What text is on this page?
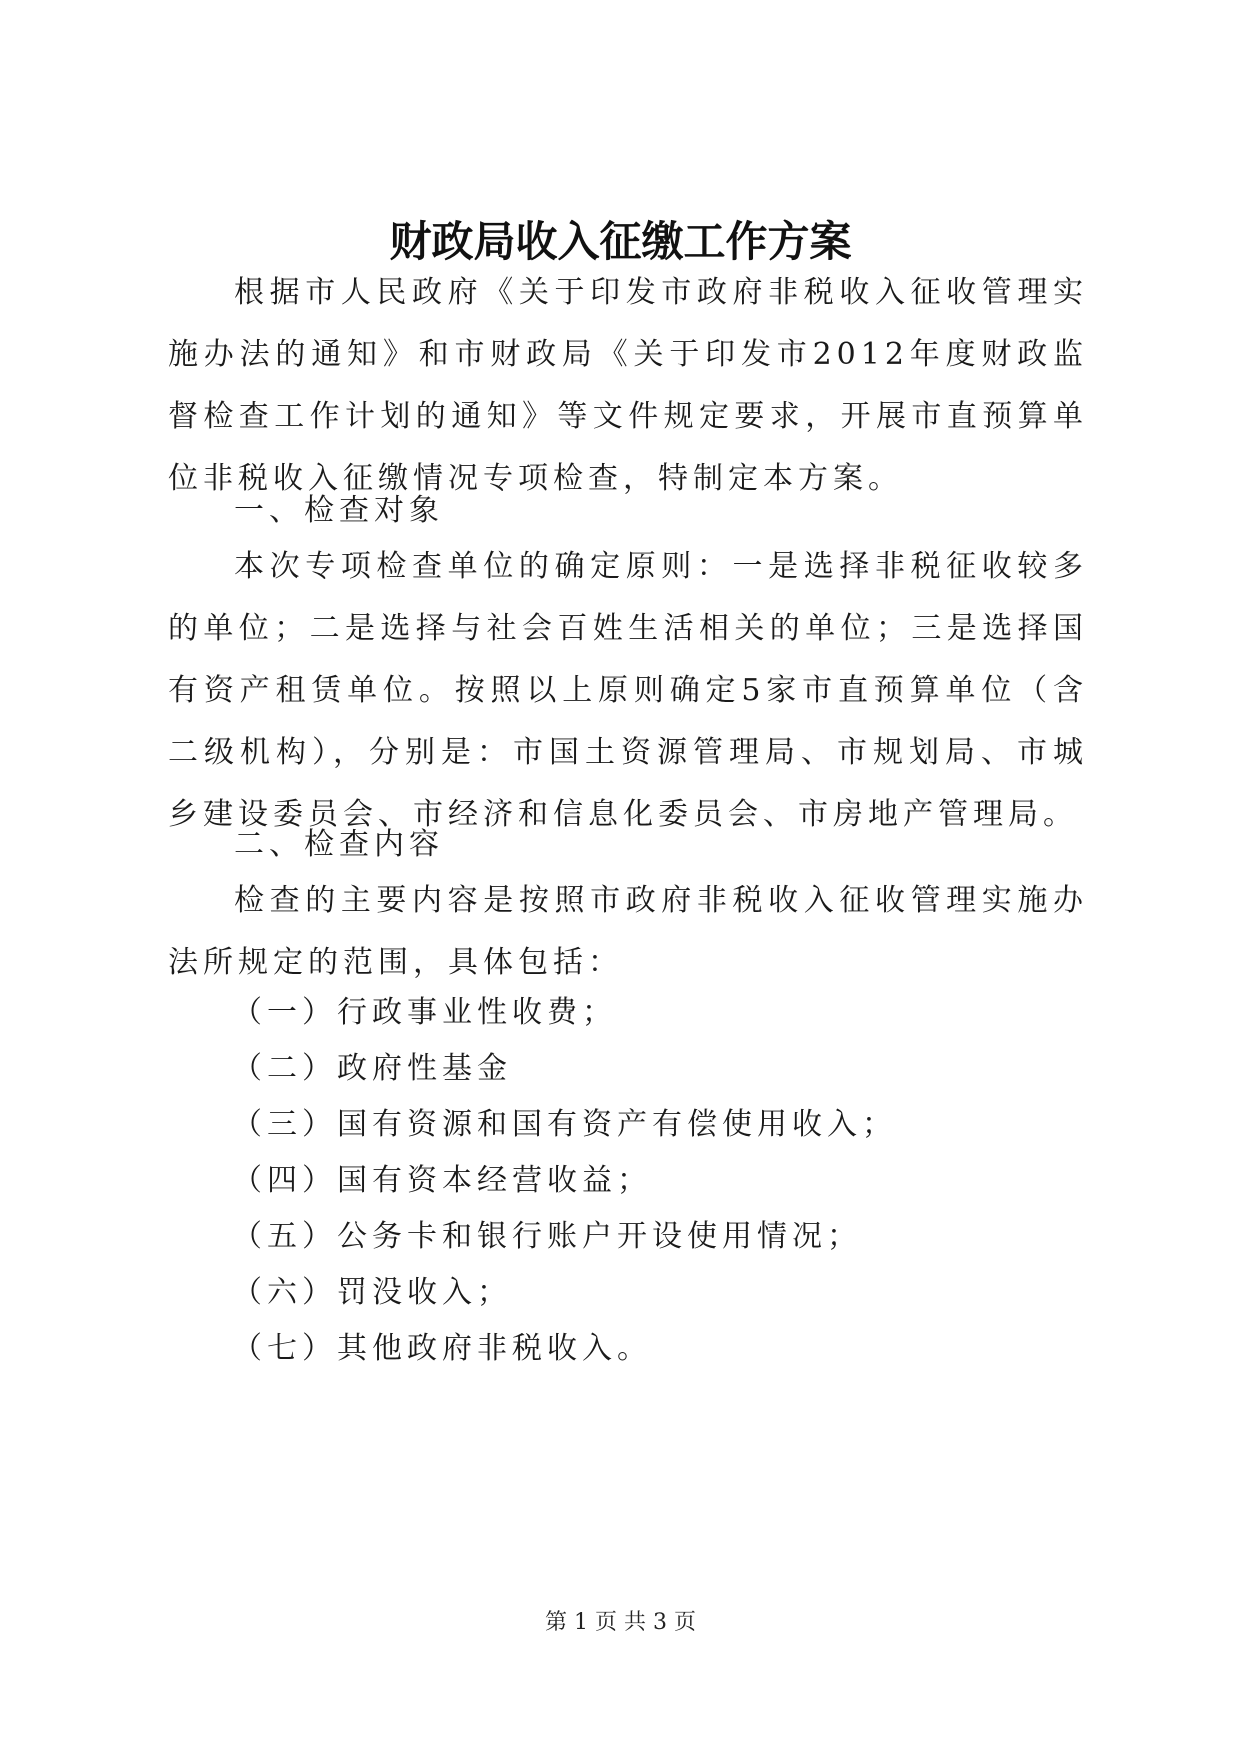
财政局收入征缴工作方案

根据市人民政府《关于印发市政府非税收入征收管理实施办法的通知》和市财政局《关于印发市2012年度财政监督检查工作计划的通知》等文件规定要求，开展市直预算单位非税收入征缴情况专项检查，特制定本方案。

一、检查对象

本次专项检查单位的确定原则：一是选择非税征收较多的单位；二是选择与社会百姓生活相关的单位；三是选择国有资产租赁单位。按照以上原则确定5家市直预算单位（含二级机构），分别是：市国土资源管理局、市规划局、市城乡建设委员会、市经济和信息化委员会、市房地产管理局。

二、检查内容

检查的主要内容是按照市政府非税收入征收管理实施办法所规定的范围，具体包括：

（一）行政事业性收费；

（二）政府性基金

（三）国有资源和国有资产有偿使用收入；

（四）国有资本经营收益；

（五）公务卡和银行账户开设使用情况；

（六）罚没收入；

（七）其他政府非税收入。

第 1 页 共 3 页
